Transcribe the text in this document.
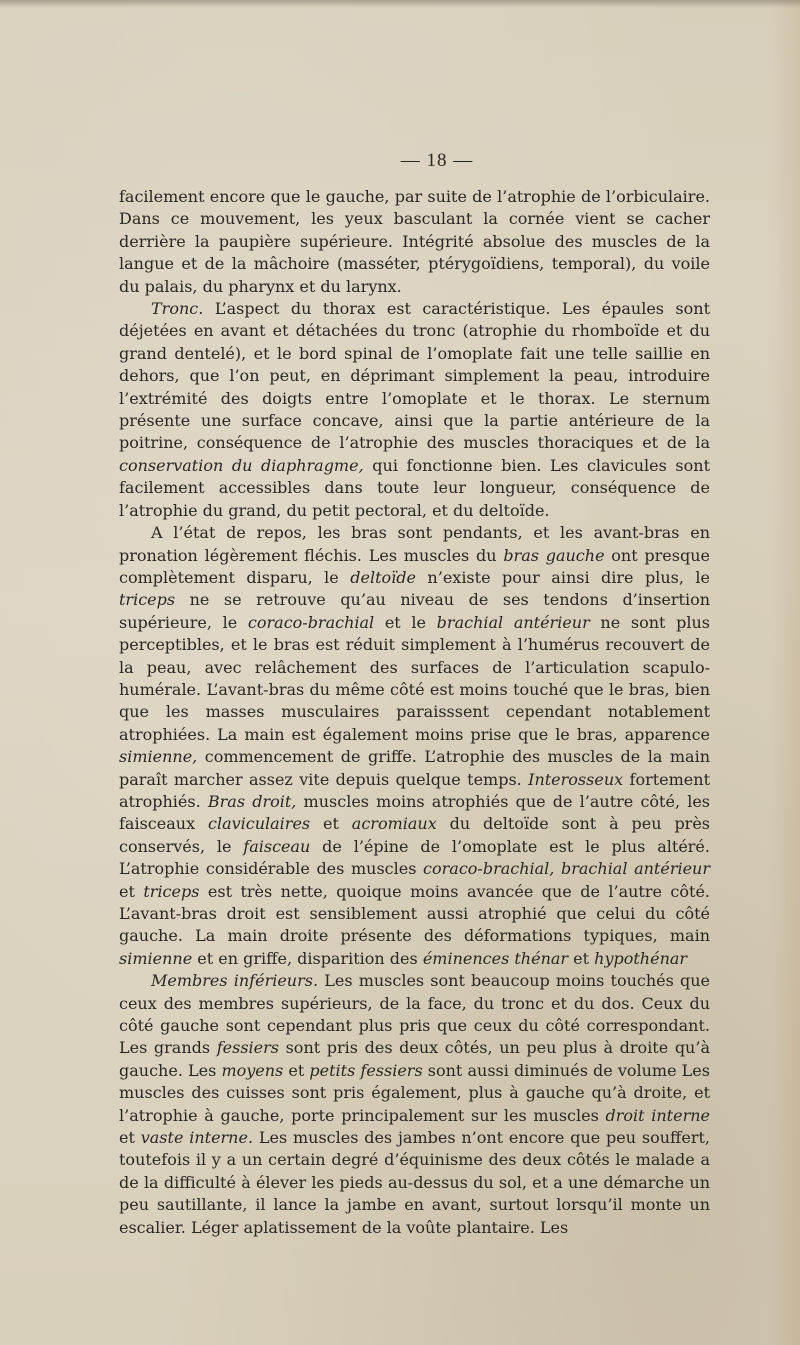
— 18 —

facilement encore que le gauche, par suite de l’atrophie de l’orbiculaire. Dans ce mouvement, les yeux basculant la cornée vient se cacher derrière la paupière supérieure. Intégrité absolue des muscles de la langue et de la mâchoire (masséter, ptérygoïdiens, temporal), du voile du palais, du pharynx et du larynx.

Tronc. L’aspect du thorax est caractéristique. Les épaules sont déjetées en avant et détachées du tronc (atrophie du rhomboïde et du grand dentelé), et le bord spinal de l’omoplate fait une telle saillie en dehors, que l’on peut, en déprimant simplement la peau, introduire l’extrémité des doigts entre l’omoplate et le thorax. Le sternum présente une surface concave, ainsi que la partie antérieure de la poitrine, conséquence de l’atrophie des muscles thoraciques et de la conservation du diaphragme, qui fonctionne bien. Les clavicules sont facilement accessibles dans toute leur longueur, conséquence de l’atrophie du grand, du petit pectoral, et du deltoïde.

A l’état de repos, les bras sont pendants, et les avant-bras en pronation légèrement fléchis. Les muscles du bras gauche ont presque complètement disparu, le deltoïde n’existe pour ainsi dire plus, le triceps ne se retrouve qu’au niveau de ses tendons d’insertion supérieure, le coraco-brachial et le brachial antérieur ne sont plus perceptibles, et le bras est réduit simplement à l’humérus recouvert de la peau, avec relâchement des surfaces de l’articulation scapulo-humérale. L’avant-bras du même côté est moins touché que le bras, bien que les masses musculaires paraisssent cependant notablement atrophiées. La main est également moins prise que le bras, apparence simienne, commencement de griffe. L’atrophie des muscles de la main paraît marcher assez vite depuis quelque temps. Interosseux fortement atrophiés. Bras droit, muscles moins atrophiés que de l’autre côté, les faisceaux claviculaires et acromiaux du deltoïde sont à peu près conservés, le faisceau de l’épine de l’omoplate est le plus altéré. L’atrophie considérable des muscles coraco-brachial, brachial antérieur et triceps est très nette, quoique moins avancée que de l’autre côté. L’avant-bras droit est sensiblement aussi atrophié que celui du côté gauche. La main droite présente des déformations typiques, main simienne et en griffe, disparition des éminences thénar et hypothénar

Membres inférieurs. Les muscles sont beaucoup moins touchés que ceux des membres supérieurs, de la face, du tronc et du dos. Ceux du côté gauche sont cependant plus pris que ceux du côté correspondant. Les grands fessiers sont pris des deux côtés, un peu plus à droite qu’à gauche. Les moyens et petits fessiers sont aussi diminués de volume Les muscles des cuisses sont pris également, plus à gauche qu’à droite, et l’atrophie à gauche, porte principalement sur les muscles droit interne et vaste interne. Les muscles des jambes n’ont encore que peu souffert, toutefois il y a un certain degré d’équinisme des deux côtés le malade a de la difficulté à élever les pieds au-dessus du sol, et a une démarche un peu sautillante, il lance la jambe en avant, surtout lorsqu’il monte un escalier. Léger aplatissement de la voûte plantaire. Les
